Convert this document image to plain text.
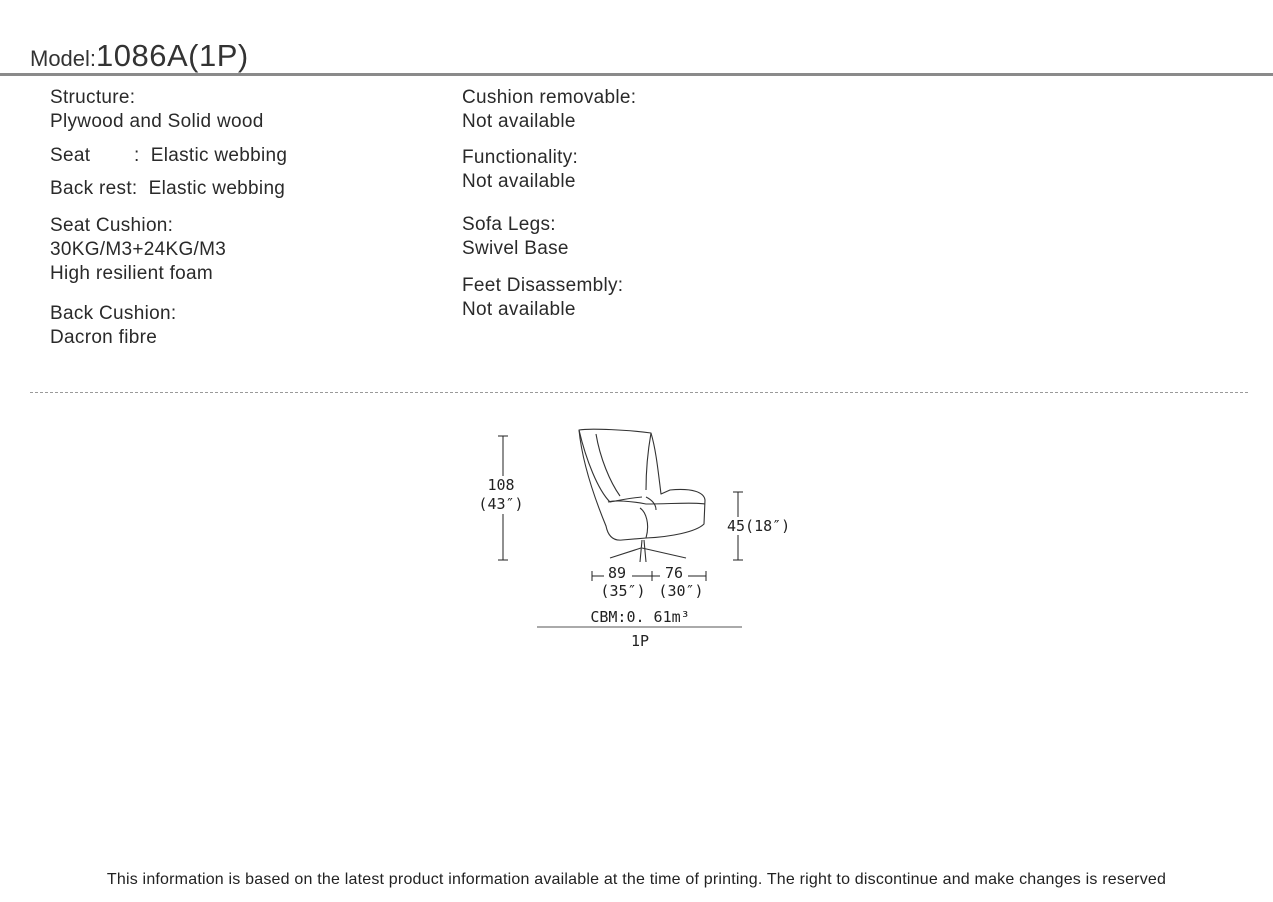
Model:1086A(1P)
Structure:
Plywood and Solid wood
Seat : Elastic webbing
Back rest: Elastic webbing
Seat Cushion:
30KG/M3+24KG/M3
High resilient foam
Back Cushion:
Dacron fibre
Cushion removable:
Not available
Functionality:
Not available
Sofa Legs:
Swivel Base
Feet Disassembly:
Not available
108
(43″)
45(18″)
89	76
(35″) (30″)
CBM:0. 61m³
1P
This information is based on the latest product information available at the time of printing. The right to discontinue and make changes is reserved
